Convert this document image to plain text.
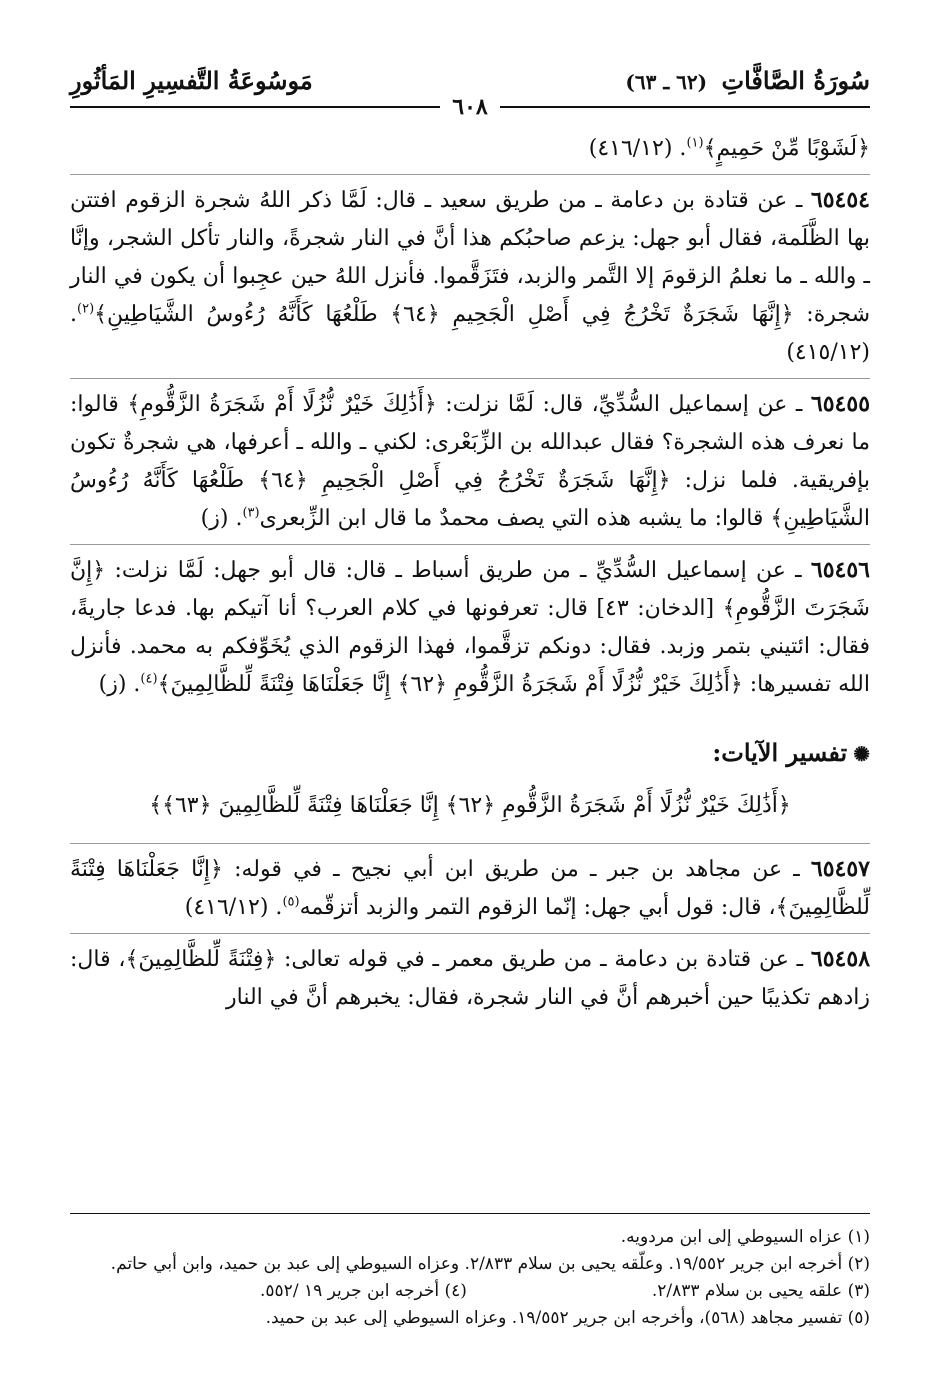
سُورَةُ الصَّافَّاتِ (٦٢ ـ ٦٣)
مَوسُوعَةُ التَّفسِيرِ المَأثُورِ
٦٠٨

﴿لَشَوْبًا مِّنْ حَمِيمٍ﴾$^{(١)}$. (٤١٦/١٢)

٦٥٤٥٤ ـ عن قتادة بن دعامة ـ من طريق سعيد ـ قال: لَمَّا ذكر اللهُ شجرة الزقوم افتتن بها الظَّلَمة، فقال أبو جهل: يزعم صاحبُكم هذا أنَّ في النار شجرةً، والنار تأكل الشجر، وإنَّا ـ والله ـ ما نعلمُ الزقومَ إلا التَّمر والزبد، فتَزَقَّموا. فأنزل اللهُ حين عجِبوا أن يكون في النار شجرة: ﴿إِنَّهَا شَجَرَةٌ تَخْرُجُ فِي أَصْلِ الْجَحِيمِ ﴿٦٤﴾ طَلْعُهَا كَأَنَّهُ رُءُوسُ الشَّيَاطِينِ﴾$^{(٢)}$. (٤١٥/١٢)

٦٥٤٥٥ ـ عن إسماعيل السُّدِّيِّ، قال: لَمَّا نزلت: ﴿أَذَٰلِكَ خَيْرٌ نُّزُلًا أَمْ شَجَرَةُ الزَّقُّومِ﴾ قالوا: ما نعرف هذه الشجرة؟ فقال عبدالله بن الزِّبَعْرى: لكني ـ والله ـ أعرفها، هي شجرةٌ تكون بإفريقية. فلما نزل: ﴿إِنَّهَا شَجَرَةٌ تَخْرُجُ فِي أَصْلِ الْجَحِيمِ ﴿٦٤﴾ طَلْعُهَا كَأَنَّهُ رُءُوسُ الشَّيَاطِينِ﴾ قالوا: ما يشبه هذه التي يصف محمدٌ ما قال ابن الزِّبعرى$^{(٣)}$. (ز)

٦٥٤٥٦ ـ عن إسماعيل السُّدِّيِّ ـ من طريق أسباط ـ قال: قال أبو جهل: لَمَّا نزلت: ﴿إِنَّ شَجَرَتَ الزَّقُّومِ﴾ [الدخان: ٤٣] قال: تعرفونها في كلام العرب؟ أنا آتيكم بها. فدعا جاريةً، فقال: ائتيني بتمر وزبد. فقال: دونكم تزقَّموا، فهذا الزقوم الذي يُخَوِّفكم به محمد. فأنزل الله تفسيرها: ﴿أَذَٰلِكَ خَيْرٌ نُّزُلًا أَمْ شَجَرَةُ الزَّقُّومِ ﴿٦٢﴾ إِنَّا جَعَلْنَاهَا فِتْنَةً لِّلظَّالِمِينَ﴾$^{(٤)}$. (ز)

✺تفسير الآيات:
﴿أَذَٰلِكَ خَيْرٌ نُّزُلًا أَمْ شَجَرَةُ الزَّقُّومِ ﴿٦٢﴾ إِنَّا جَعَلْنَاهَا فِتْنَةً لِّلظَّالِمِينَ ﴿٦٣﴾﴾

٦٥٤٥٧ ـ عن مجاهد بن جبر ـ من طريق ابن أبي نجيح ـ في قوله: ﴿إِنَّا جَعَلْنَاهَا فِتْنَةً لِّلظَّالِمِينَ﴾، قال: قول أبي جهل: إنّما الزقوم التمر والزبد أتزقّمه$^{(٥)}$. (٤١٦/١٢)

٦٥٤٥٨ ـ عن قتادة بن دعامة ـ من طريق معمر ـ في قوله تعالى: ﴿فِتْنَةً لِّلظَّالِمِينَ﴾، قال: زادهم تكذيبًا حين أخبرهم أنَّ في النار شجرة، فقال: يخبرهم أنَّ في النار

(١) عزاه السيوطي إلى ابن مردويه.
(٢) أخرجه ابن جرير ١٩/٥٥٢. وعلّقه يحيى بن سلام ٢/٨٣٣. وعزاه السيوطي إلى عبد بن حميد، وابن أبي حاتم.
(٣) علقه يحيى بن سلام ٢/٨٣٣.
(٤) أخرجه ابن جرير ١٩ /٥٥٢.
(٥) تفسير مجاهد (٥٦٨)، وأخرجه ابن جرير ١٩/٥٥٢. وعزاه السيوطي إلى عبد بن حميد.
